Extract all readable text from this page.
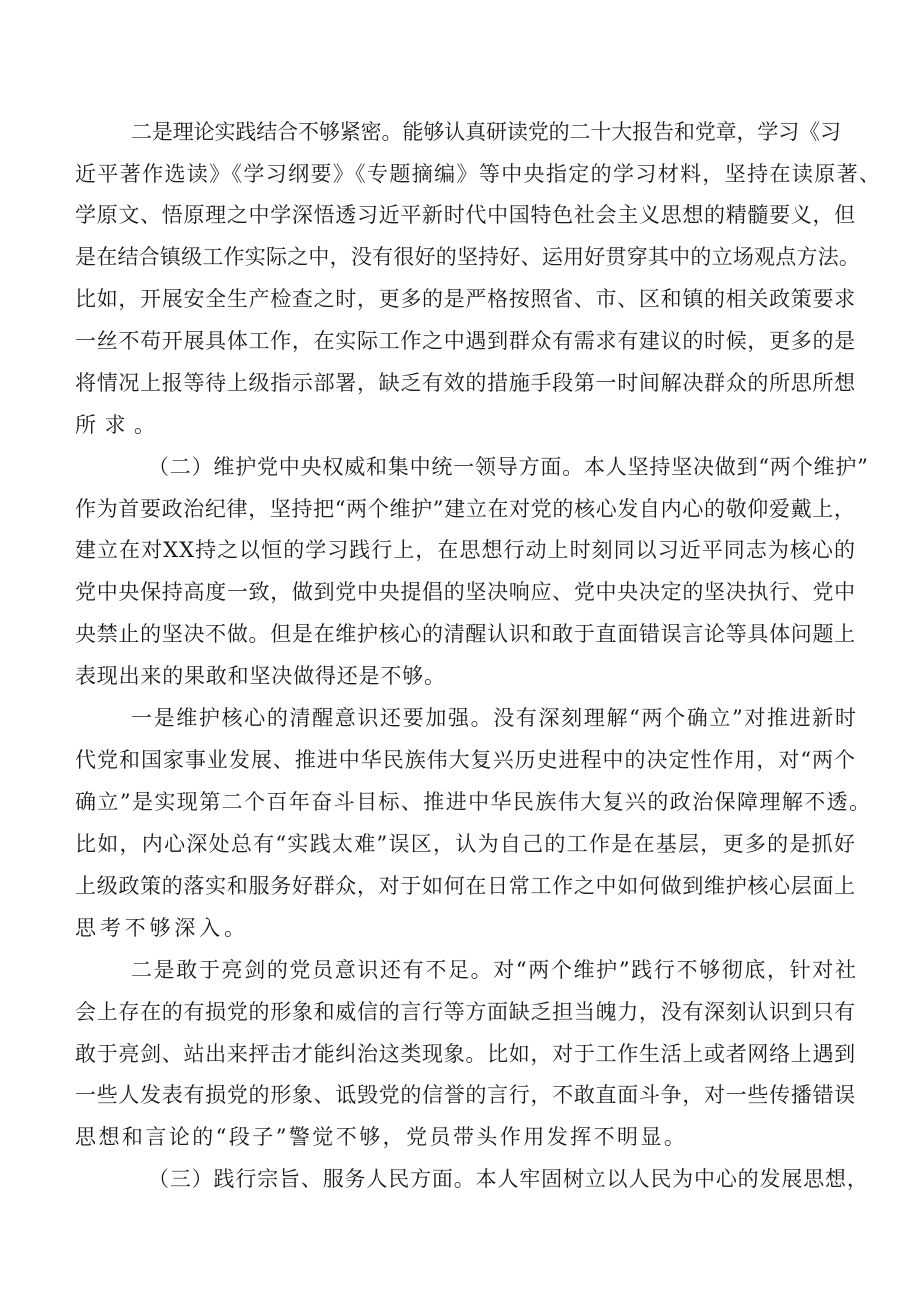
二是理论实践结合不够紧密。能够认真研读党的二十大报告和党章，学习《习
近平著作选读》《学习纲要》《专题摘编》等中央指定的学习材料，坚持在读原著、
学原文、悟原理之中学深悟透习近平新时代中国特色社会主义思想的精髓要义，但
是在结合镇级工作实际之中，没有很好的坚持好、运用好贯穿其中的立场观点方法。
比如，开展安全生产检查之时，更多的是严格按照省、市、区和镇的相关政策要求
一丝不苟开展具体工作，在实际工作之中遇到群众有需求有建议的时候，更多的是
将情况上报等待上级指示部署，缺乏有效的措施手段第一时间解决群众的所思所想
所求。
（二）维护党中央权威和集中统一领导方面。本人坚持坚决做到“两个维护”
作为首要政治纪律，坚持把“两个维护”建立在对党的核心发自内心的敬仰爱戴上，
建立在对XX持之以恒的学习践行上，在思想行动上时刻同以习近平同志为核心的
党中央保持高度一致，做到党中央提倡的坚决响应、党中央决定的坚决执行、党中
央禁止的坚决不做。但是在维护核心的清醒认识和敢于直面错误言论等具体问题上
表现出来的果敢和坚决做得还是不够。
一是维护核心的清醒意识还要加强。没有深刻理解“两个确立”对推进新时
代党和国家事业发展、推进中华民族伟大复兴历史进程中的决定性作用，对“两个
确立”是实现第二个百年奋斗目标、推进中华民族伟大复兴的政治保障理解不透。
比如，内心深处总有“实践太难”误区，认为自己的工作是在基层，更多的是抓好
上级政策的落实和服务好群众，对于如何在日常工作之中如何做到维护核心层面上
思考不够深入。
二是敢于亮剑的党员意识还有不足。对“两个维护”践行不够彻底，针对社
会上存在的有损党的形象和威信的言行等方面缺乏担当魄力，没有深刻认识到只有
敢于亮剑、站出来抨击才能纠治这类现象。比如，对于工作生活上或者网络上遇到
一些人发表有损党的形象、诋毁党的信誉的言行，不敢直面斗争，对一些传播错误
思想和言论的“段子”警觉不够，党员带头作用发挥不明显。
（三）践行宗旨、服务人民方面。本人牢固树立以人民为中心的发展思想，
